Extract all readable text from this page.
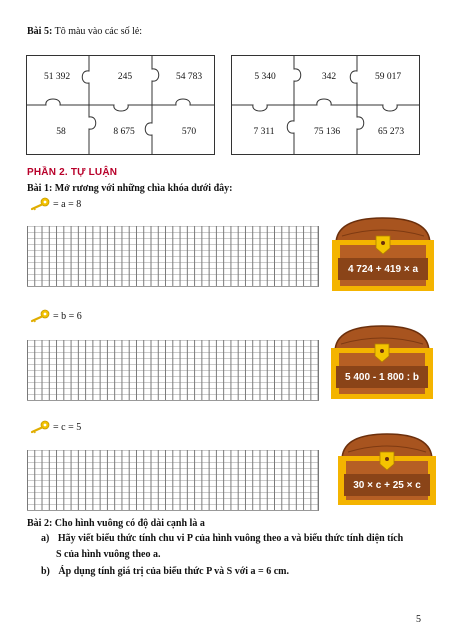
Bài 5: Tô màu vào các số lẻ:
51 392	245	54 783
58	8 675	570
5 340	342	59 017
7 311	75 136	65 273
PHẦN 2. TỰ LUẬN
Bài 1: Mở rương với những chìa khóa dưới đây:
= a = 8
= b = 6
= c = 5
4 724 + 419 × a
5 400 - 1 800 : b
30 × c + 25 × c
Bài 2: Cho hình vuông có độ dài cạnh là a
a) Hãy viết biểu thức tính chu vi P của hình vuông theo a và biểu thức tính diện tích
S của hình vuông theo a.
b) Áp dụng tính giá trị của biểu thức P và S với a = 6 cm.
5
